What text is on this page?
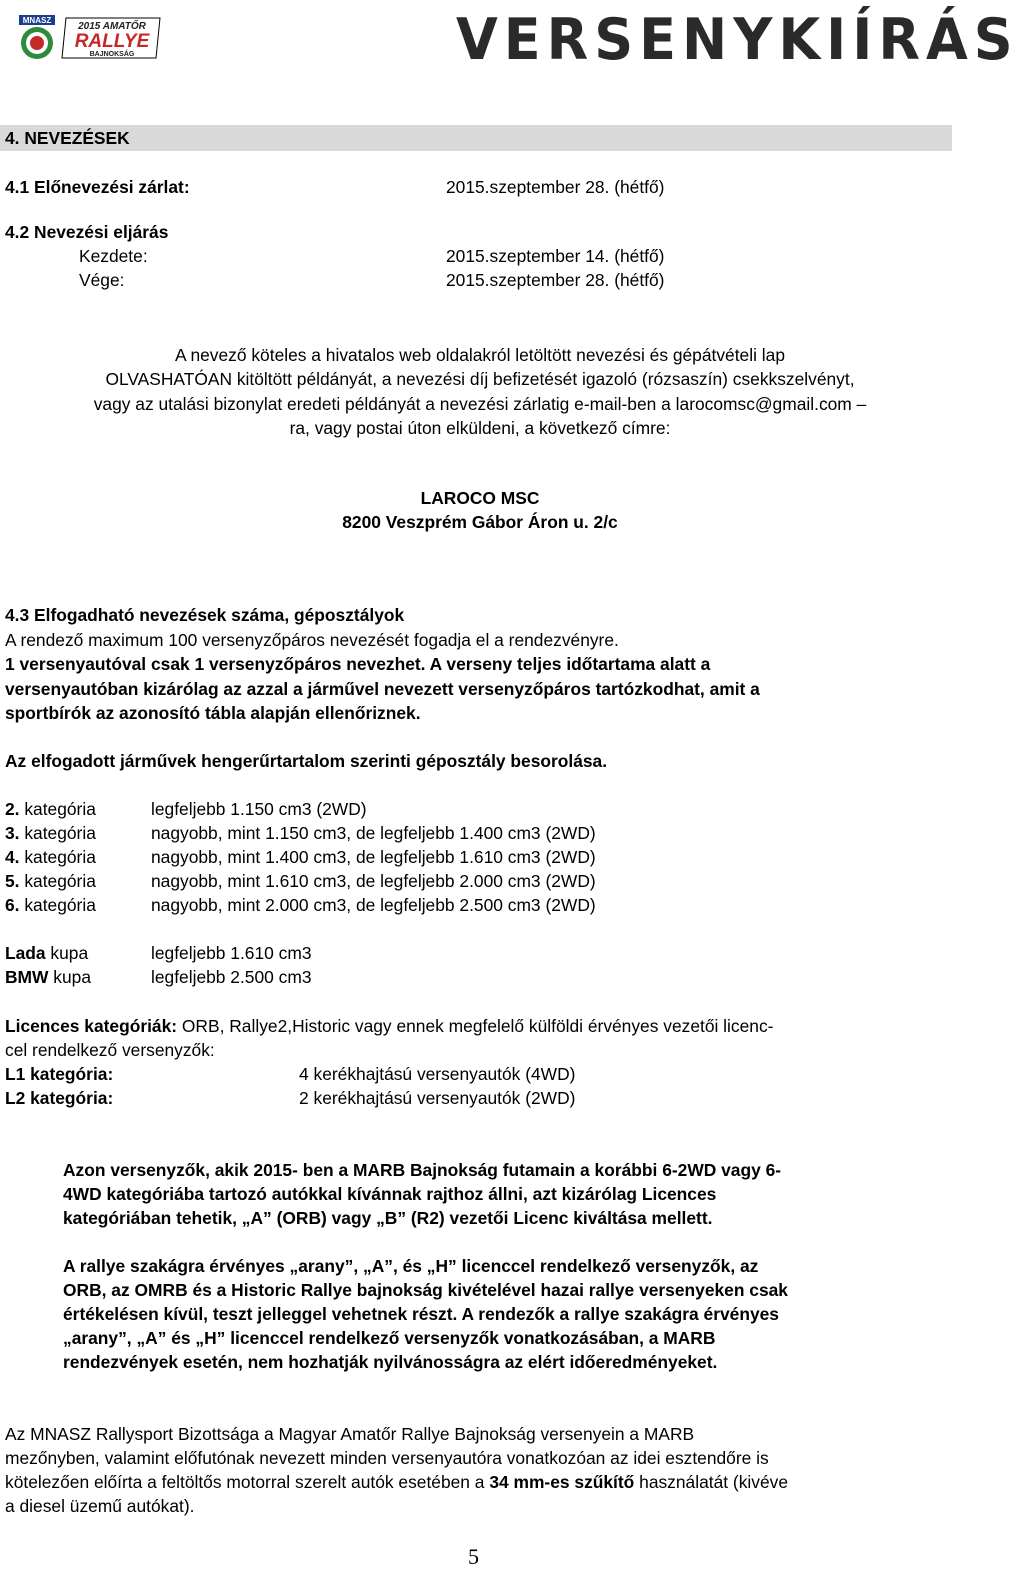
MNASZ
2015 AMATŐR
RALLYE
BAJNOKSÁG	VERSENYKIÍRÁS
4. NEVEZÉSEK
4.1 Előnevezési zárlat:	2015.szeptember 28. (hétfő)
4.2 Nevezési eljárás
Kezdete:	2015.szeptember 14. (hétfő)
Vége:	2015.szeptember 28. (hétfő)
A nevező köteles a hivatalos web oldalakról letöltött nevezési és gépátvételi lap
OLVASHATÓAN kitöltött példányát, a nevezési díj befizetését igazoló (rózsaszín) csekkszelvényt,
vagy az utalási bizonylat eredeti példányát a nevezési zárlatig e-mail-ben a larocomsc@gmail.com –
ra, vagy postai úton elküldeni, a következő címre:
LAROCO MSC
8200 Veszprém Gábor Áron u. 2/c
4.3 Elfogadható nevezések száma, géposztályok
A rendező maximum 100 versenyzőpáros nevezését fogadja el a rendezvényre.
1 versenyautóval csak 1 versenyzőpáros nevezhet. A verseny teljes időtartama alatt a
versenyautóban kizárólag az azzal a járművel nevezett versenyzőpáros tartózkodhat, amit a
sportbírók az azonosító tábla alapján ellenőriznek.
Az elfogadott járművek hengerűrtartalom szerinti géposztály besorolása.
2. kategória	legfeljebb 1.150 cm3 (2WD)
3. kategória	nagyobb, mint 1.150 cm3, de legfeljebb 1.400 cm3 (2WD)
4. kategória	nagyobb, mint 1.400 cm3, de legfeljebb 1.610 cm3 (2WD)
5. kategória	nagyobb, mint 1.610 cm3, de legfeljebb 2.000 cm3 (2WD)
6. kategória	nagyobb, mint 2.000 cm3, de legfeljebb 2.500 cm3 (2WD)
Lada kupa	legfeljebb 1.610 cm3
BMW kupa	legfeljebb 2.500 cm3
Licences kategóriák: ORB, Rallye2,Historic vagy ennek megfelelő külföldi érvényes vezetői licenc-
cel rendelkező versenyzők:
L1 kategória:	4 kerékhajtású versenyautók (4WD)
L2 kategória:	2 kerékhajtású versenyautók (2WD)
Azon versenyzők, akik 2015- ben a MARB Bajnokság futamain a korábbi 6-2WD vagy 6-
4WD kategóriába tartozó autókkal kívánnak rajthoz állni, azt kizárólag Licences
kategóriában tehetik, „A” (ORB) vagy „B” (R2) vezetői Licenc kiváltása mellett.
A rallye szakágra érvényes „arany”, „A”, és „H” licenccel rendelkező versenyzők, az
ORB, az OMRB és a Historic Rallye bajnokság kivételével hazai rallye versenyeken csak
értékelésen kívül, teszt jelleggel vehetnek részt. A rendezők a rallye szakágra érvényes
„arany”, „A” és „H” licenccel rendelkező versenyzők vonatkozásában, a MARB
rendezvények esetén, nem hozhatják nyilvánosságra az elért időeredményeket.
Az MNASZ Rallysport Bizottsága a Magyar Amatőr Rallye Bajnokság versenyein a MARB
mezőnyben, valamint előfutónak nevezett minden versenyautóra vonatkozóan az idei esztendőre is
kötelezően előírta a feltöltős motorral szerelt autók esetében a 34 mm-es szűkítő használatát (kivéve
a diesel üzemű autókat).
5
